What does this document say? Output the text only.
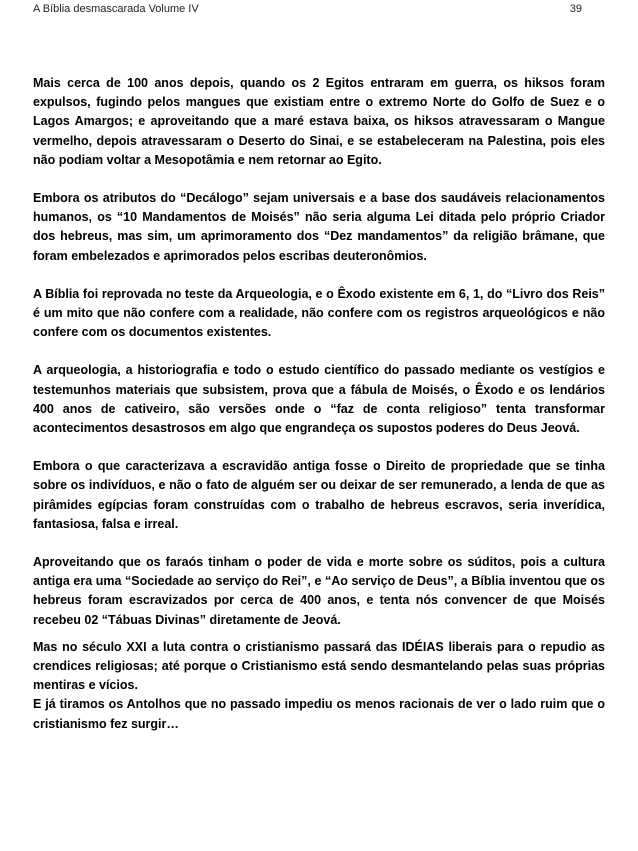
A Bíblia desmascarada Volume IV	39

Mais cerca de 100 anos depois, quando os 2 Egitos entraram em guerra, os hiksos foram expulsos, fugindo pelos mangues que existiam entre o extremo Norte do Golfo de Suez e o Lagos Amargos; e aproveitando que a maré estava baixa, os hiksos atravessaram o Mangue vermelho, depois atravessaram o Deserto do Sinai, e se estabeleceram na Palestina, pois eles não podiam voltar a Mesopotâmia e nem retornar ao Egito.

Embora os atributos do “Decálogo” sejam universais e a base dos saudáveis relacionamentos humanos, os “10 Mandamentos de Moisés” não seria alguma Lei ditada pelo próprio Criador dos hebreus, mas sim, um aprimoramento dos “Dez mandamentos” da religião brâmane, que foram embelezados e aprimorados pelos escribas deuteronômios.

A Bíblia foi reprovada no teste da Arqueologia, e o Êxodo existente em 6, 1, do “Livro dos Reis” é um mito que não confere com a realidade, não confere com os registros arqueológicos e não confere com os documentos existentes.

A arqueologia, a historiografia e todo o estudo científico do passado mediante os vestígios e testemunhos materiais que subsistem, prova que a fábula de Moisés, o Êxodo e os lendários 400 anos de cativeiro, são versões onde o “faz de conta religioso” tenta transformar acontecimentos desastrosos em algo que engrandeça os supostos poderes do Deus Jeová.

Embora o que caracterizava a escravidão antiga fosse o Direito de propriedade que se tinha sobre os indivíduos, e não o fato de alguém ser ou deixar de ser remunerado, a lenda de que as pirâmides egípcias foram construídas com o trabalho de hebreus escravos, seria inverídica, fantasiosa, falsa e irreal.

Aproveitando que os faraós tinham o poder de vida e morte sobre os súditos, pois a cultura antiga era uma “Sociedade ao serviço do Rei”, e “Ao serviço de Deus”, a Bíblia inventou que os hebreus foram escravizados por cerca de 400 anos, e tenta nós convencer de que Moisés recebeu 02 “Tábuas Divinas” diretamente de Jeová.

Mas no século XXI a luta contra o cristianismo passará das IDÉIAS liberais para o repudio as crendices religiosas; até porque o Cristianismo está sendo desmantelando pelas suas próprias mentiras e vícios.

E já tiramos os Antolhos que no passado impediu os menos racionais de ver o lado ruim que o cristianismo fez surgir…
